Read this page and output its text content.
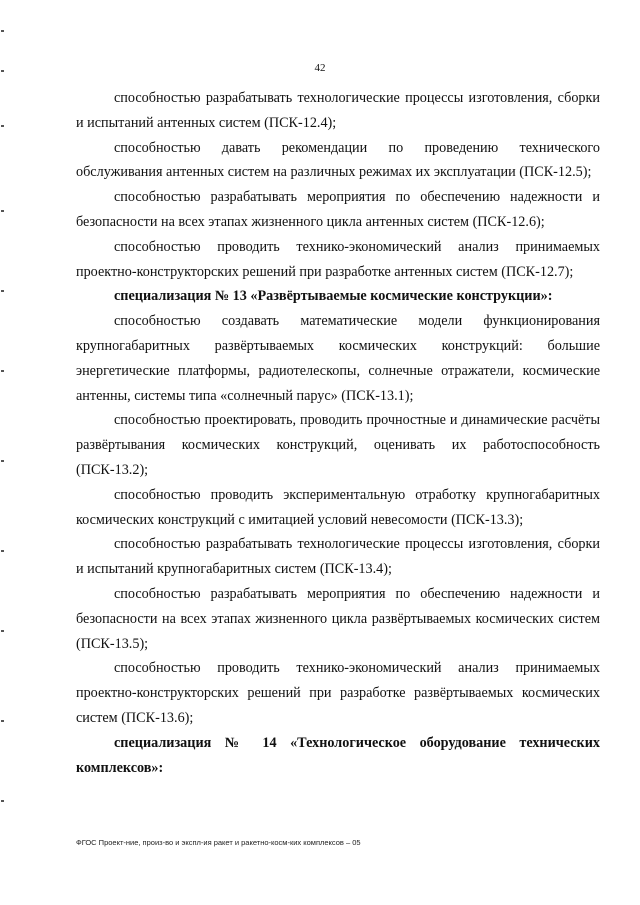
42

способностью разрабатывать технологические процессы изготовления, сборки и испытаний антенных систем (ПСК-12.4);

способностью давать рекомендации по проведению технического обслуживания антенных систем на различных режимах их эксплуатации (ПСК-12.5);

способностью разрабатывать мероприятия по обеспечению надежности и безопасности на всех этапах жизненного цикла антенных систем (ПСК-12.6);

способностью проводить технико-экономический анализ принимаемых проектно-конструкторских решений при разработке антенных систем (ПСК-12.7);

специализация № 13 «Развёртываемые космические конструкции»:

способностью создавать математические модели функционирования крупногабаритных развёртываемых космических конструкций: большие энергетические платформы, радиотелескопы, солнечные отражатели, космические антенны, системы типа «солнечный парус» (ПСК-13.1);

способностью проектировать, проводить прочностные и динамические расчёты развёртывания космических конструкций, оценивать их работоспособность (ПСК-13.2);

способностью проводить экспериментальную отработку крупногабаритных космических конструкций с имитацией условий невесомости (ПСК-13.3);

способностью разрабатывать технологические процессы изготовления, сборки и испытаний крупногабаритных систем (ПСК-13.4);

способностью разрабатывать мероприятия по обеспечению надежности и безопасности на всех этапах жизненного цикла развёртываемых космических систем (ПСК-13.5);

способностью проводить технико-экономический анализ принимаемых проектно-конструкторских решений при разработке развёртываемых космических систем (ПСК-13.6);

специализация № 14 «Технологическое оборудование технических комплексов»:

ФГОС Проект-ние, произ-во и экспл-ия ракет и ракетно-косм-ких комплексов – 05
